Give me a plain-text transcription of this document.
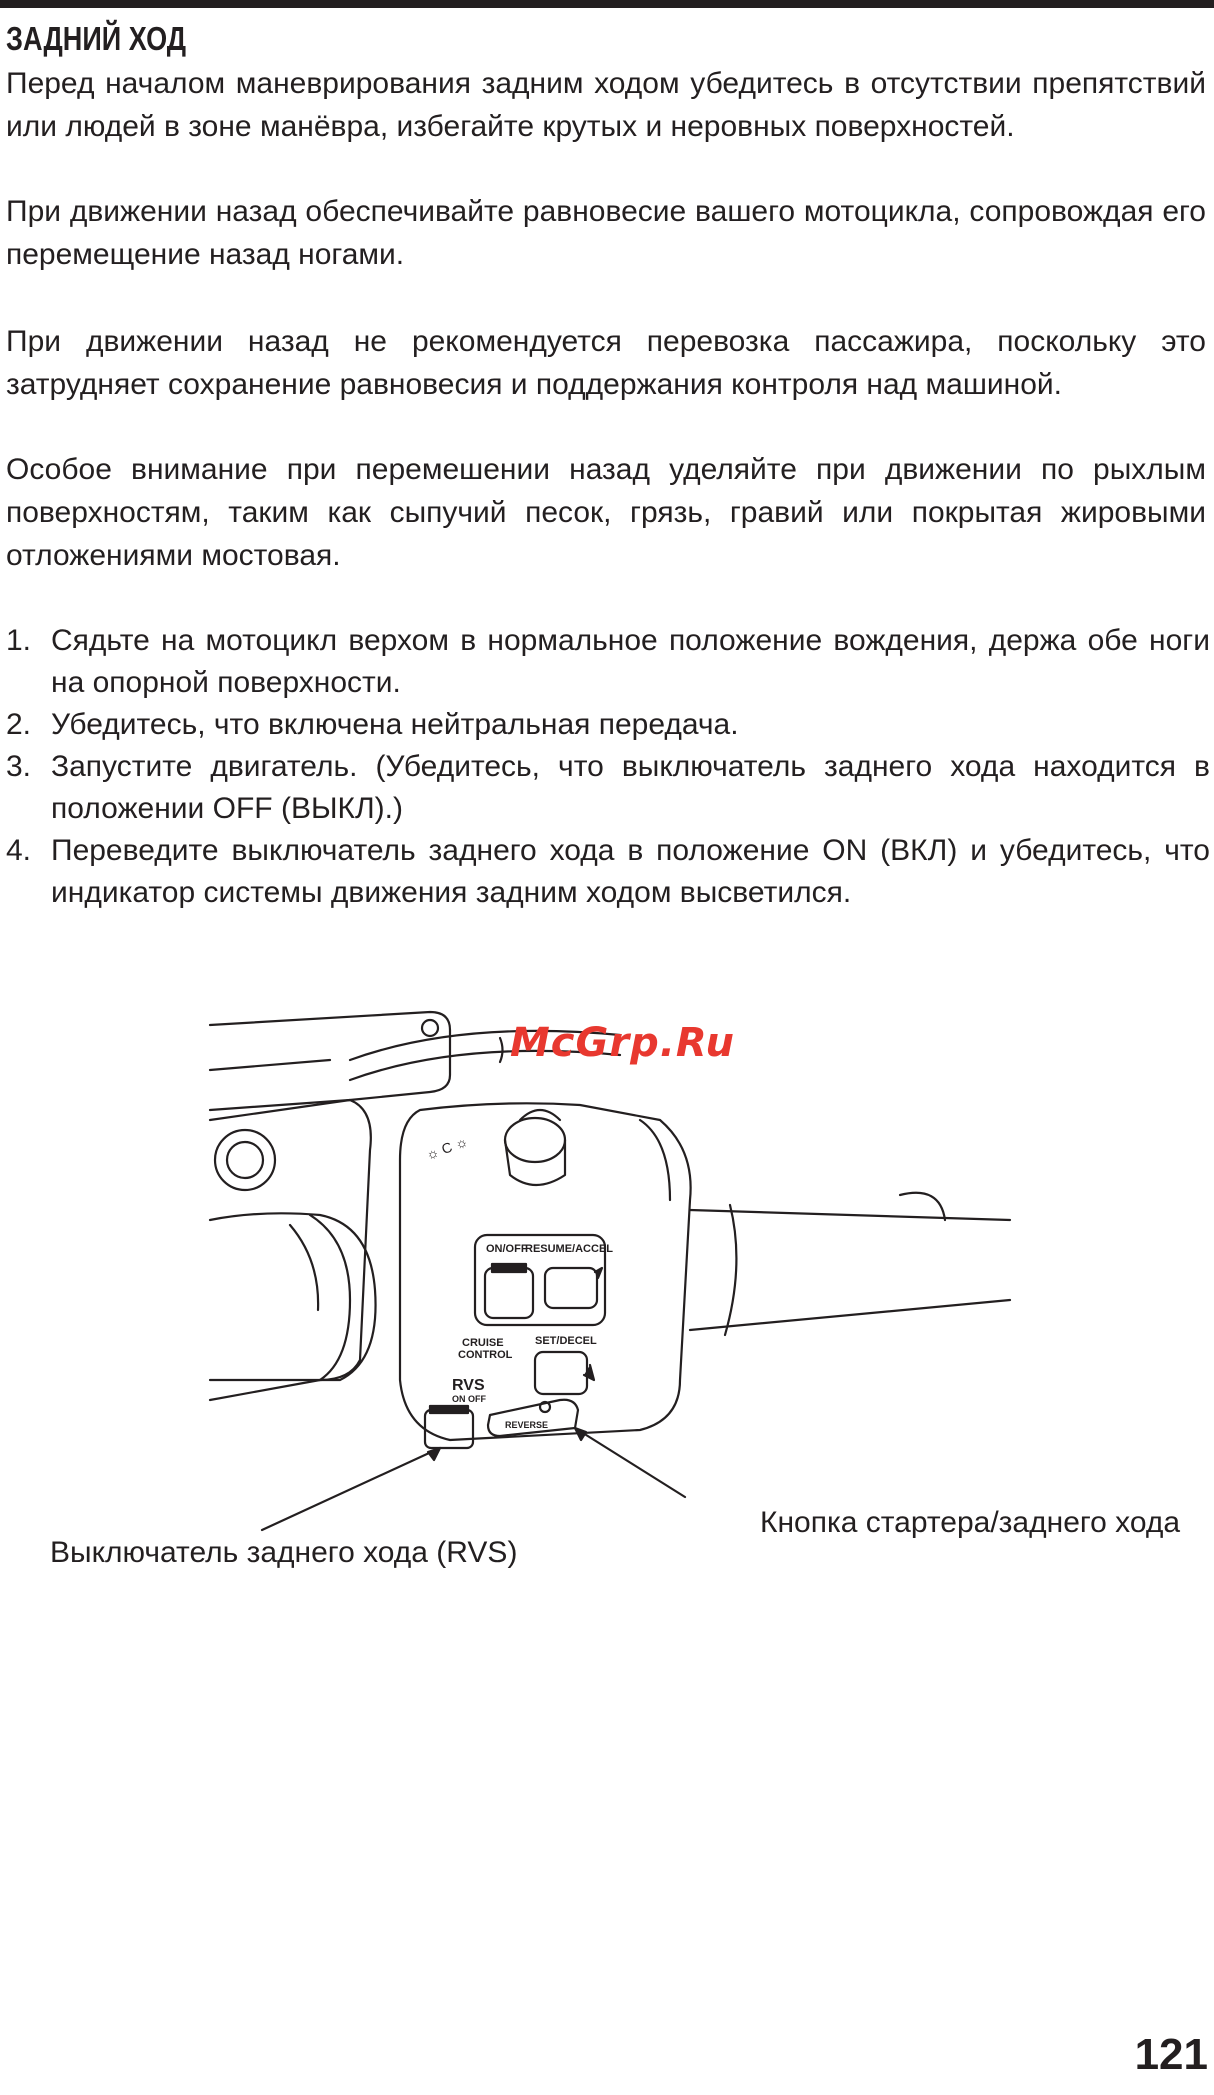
ЗАДНИЙ ХОД
Перед началом маневрирования задним ходом убедитесь в отсутствии препятствий или людей в зоне манёвра, избегайте крутых и неровных поверхностей.
При движении назад обеспечивайте равновесие вашего мотоцикла, сопровождая его перемещение назад ногами.
При движении назад не рекомендуется перевозка пассажира, поскольку это затрудняет сохранение равновесия и поддержания контроля над машиной.
Особое внимание при перемешении назад уделяйте при движении по рыхлым поверхностям, таким как сыпучий песок, грязь, гравий или покрытая жировыми отложениями мостовая.
1. Сядьте на мотоцикл верхом в нормальное положение вождения, держа обе ноги на опорной поверхности.
2. Убедитесь, что включена нейтральная передача.
3. Запустите двигатель. (Убедитесь, что выключатель заднего хода находится в положении OFF (ВЫКЛ).)
4. Переведите выключатель заднего хода в положение ON (ВКЛ) и убедитесь, что индикатор системы движения задним ходом высветился.
☼ C ☼
ON/OFF
RESUME/ACCEL
CRUISE
CONTROL
SET/DECEL
RVS
ON OFF
REVERSE
Выключатель заднего хода (RVS)
Кнопка стартера/заднего хода
McGrp.Ru
121
